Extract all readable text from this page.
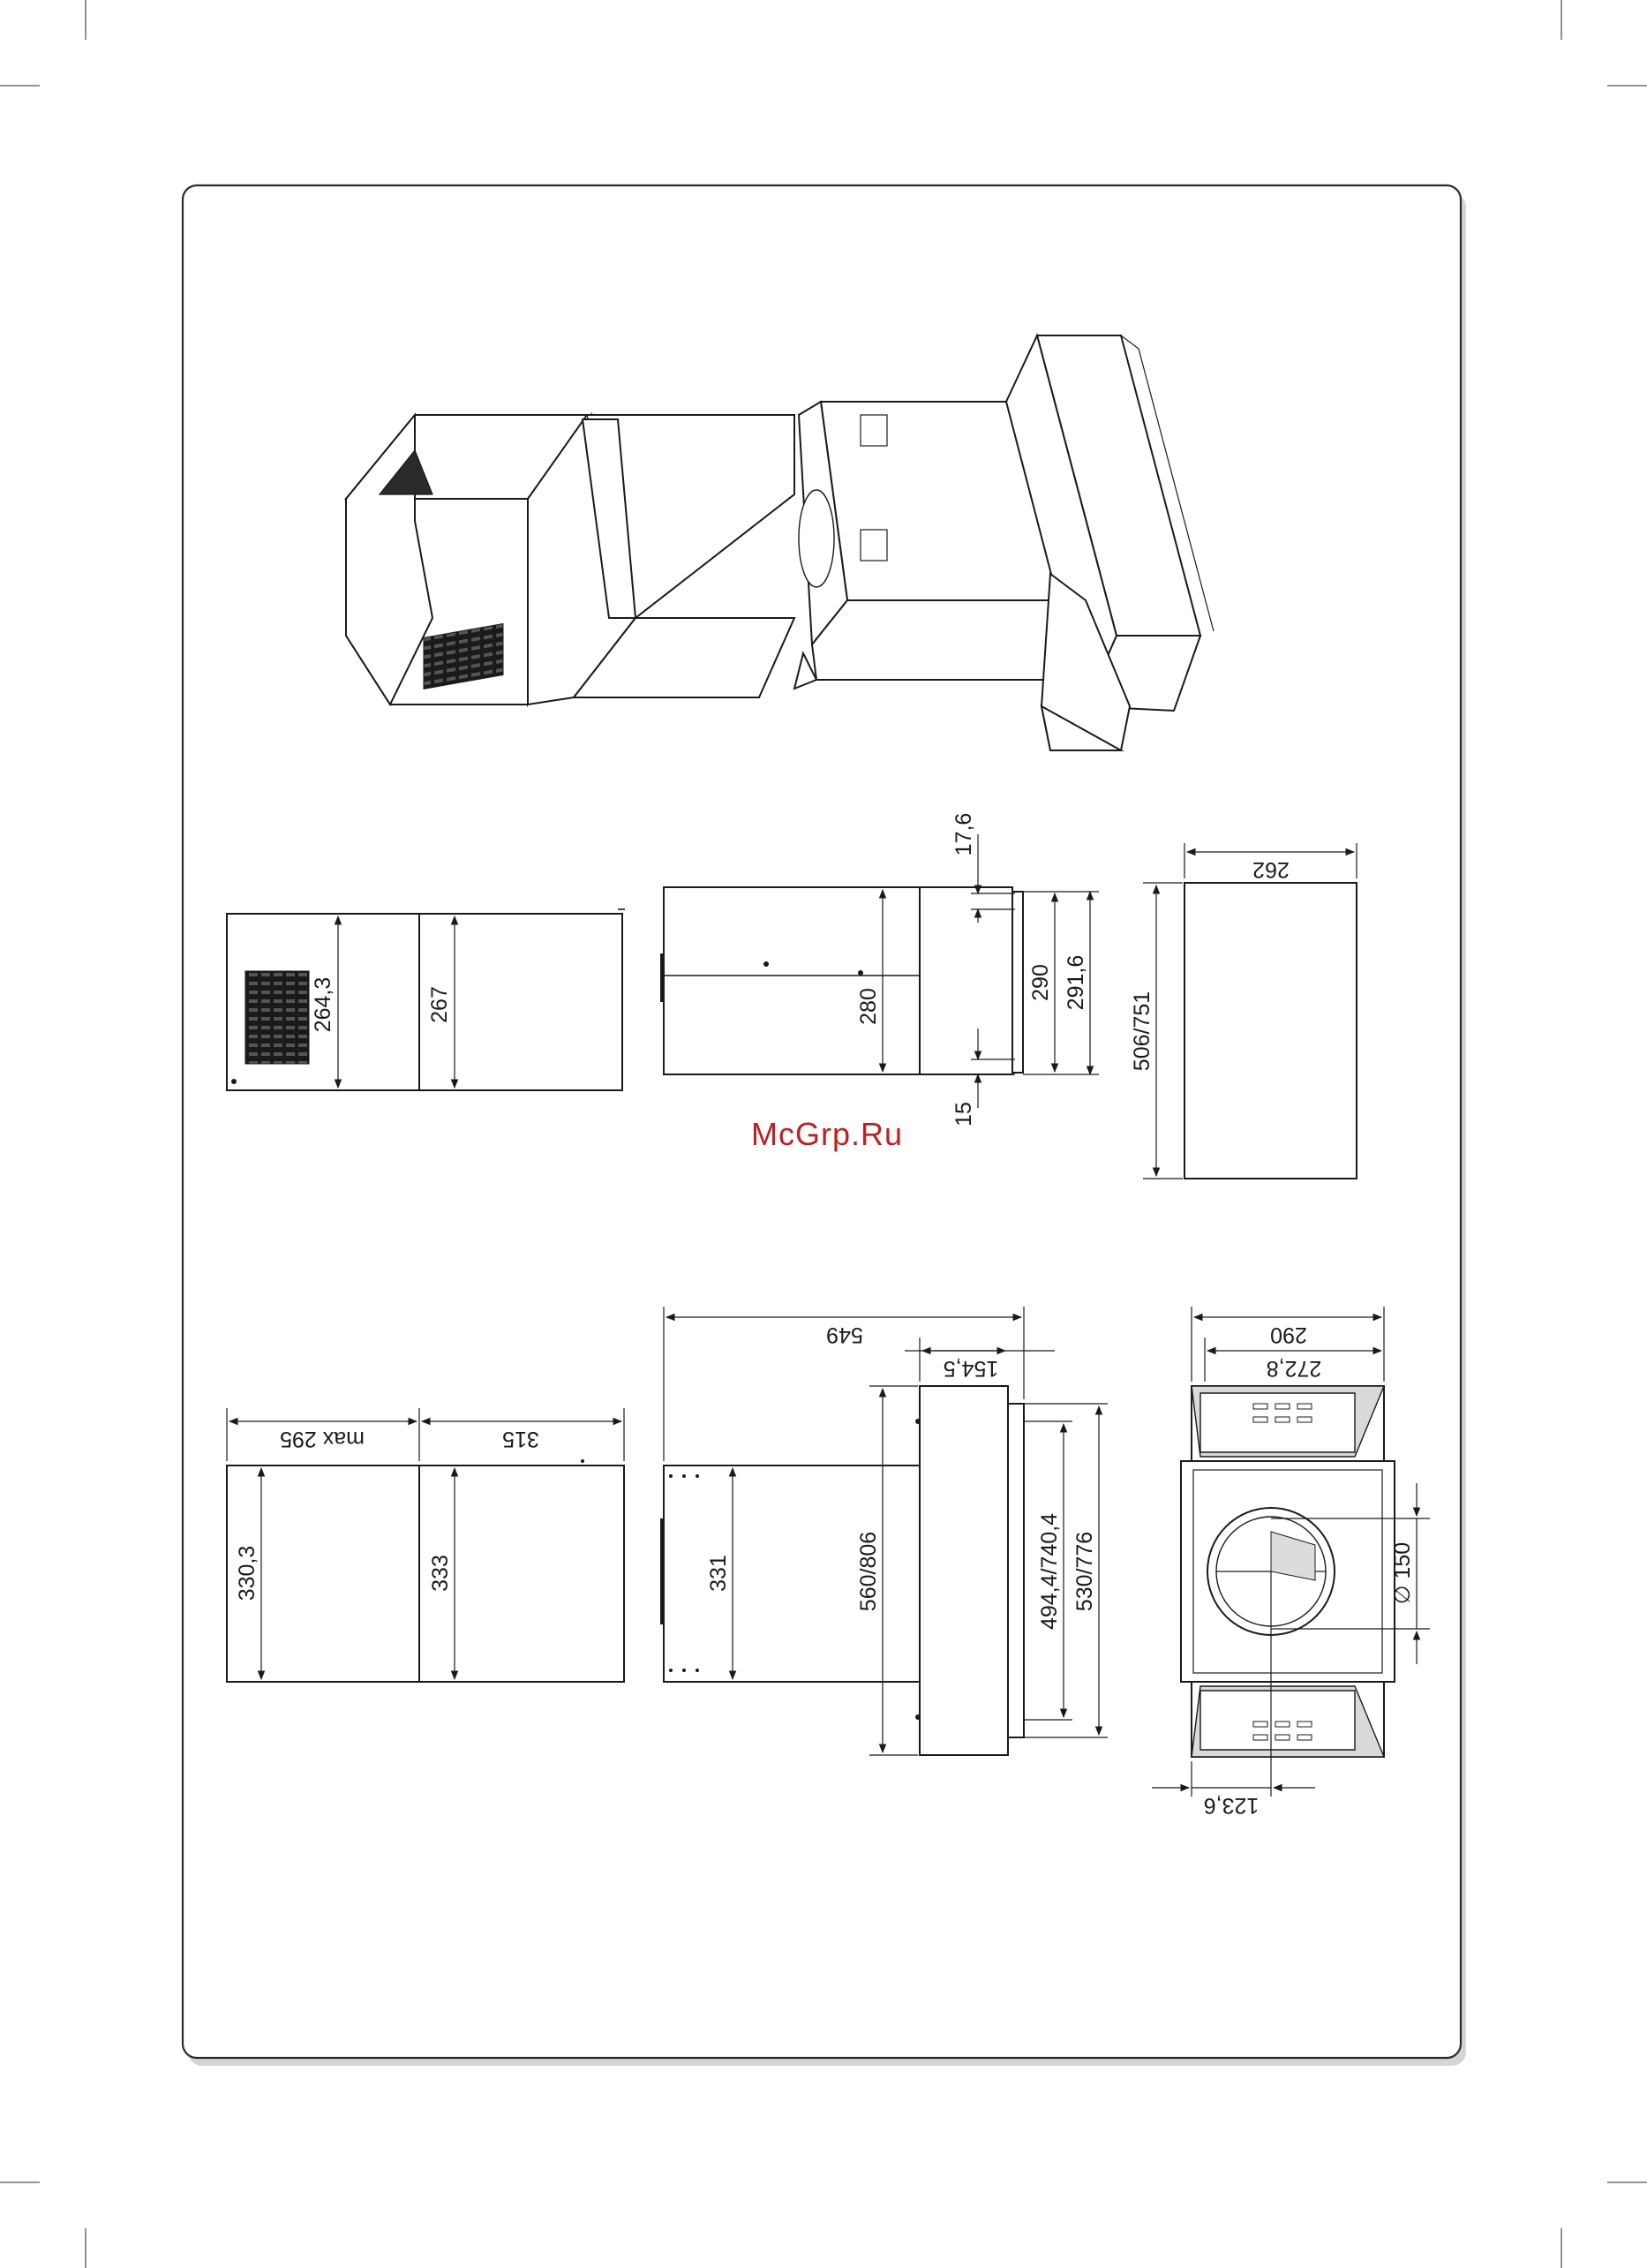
264,3	267	280
17,6
15
290 291,6
262
506/751
McGrp.Ru
max 295	315
330,3	333	331
549
154,5
560/806	494,4/740,4 530/776
290
272,8
∅ 150
123,6
